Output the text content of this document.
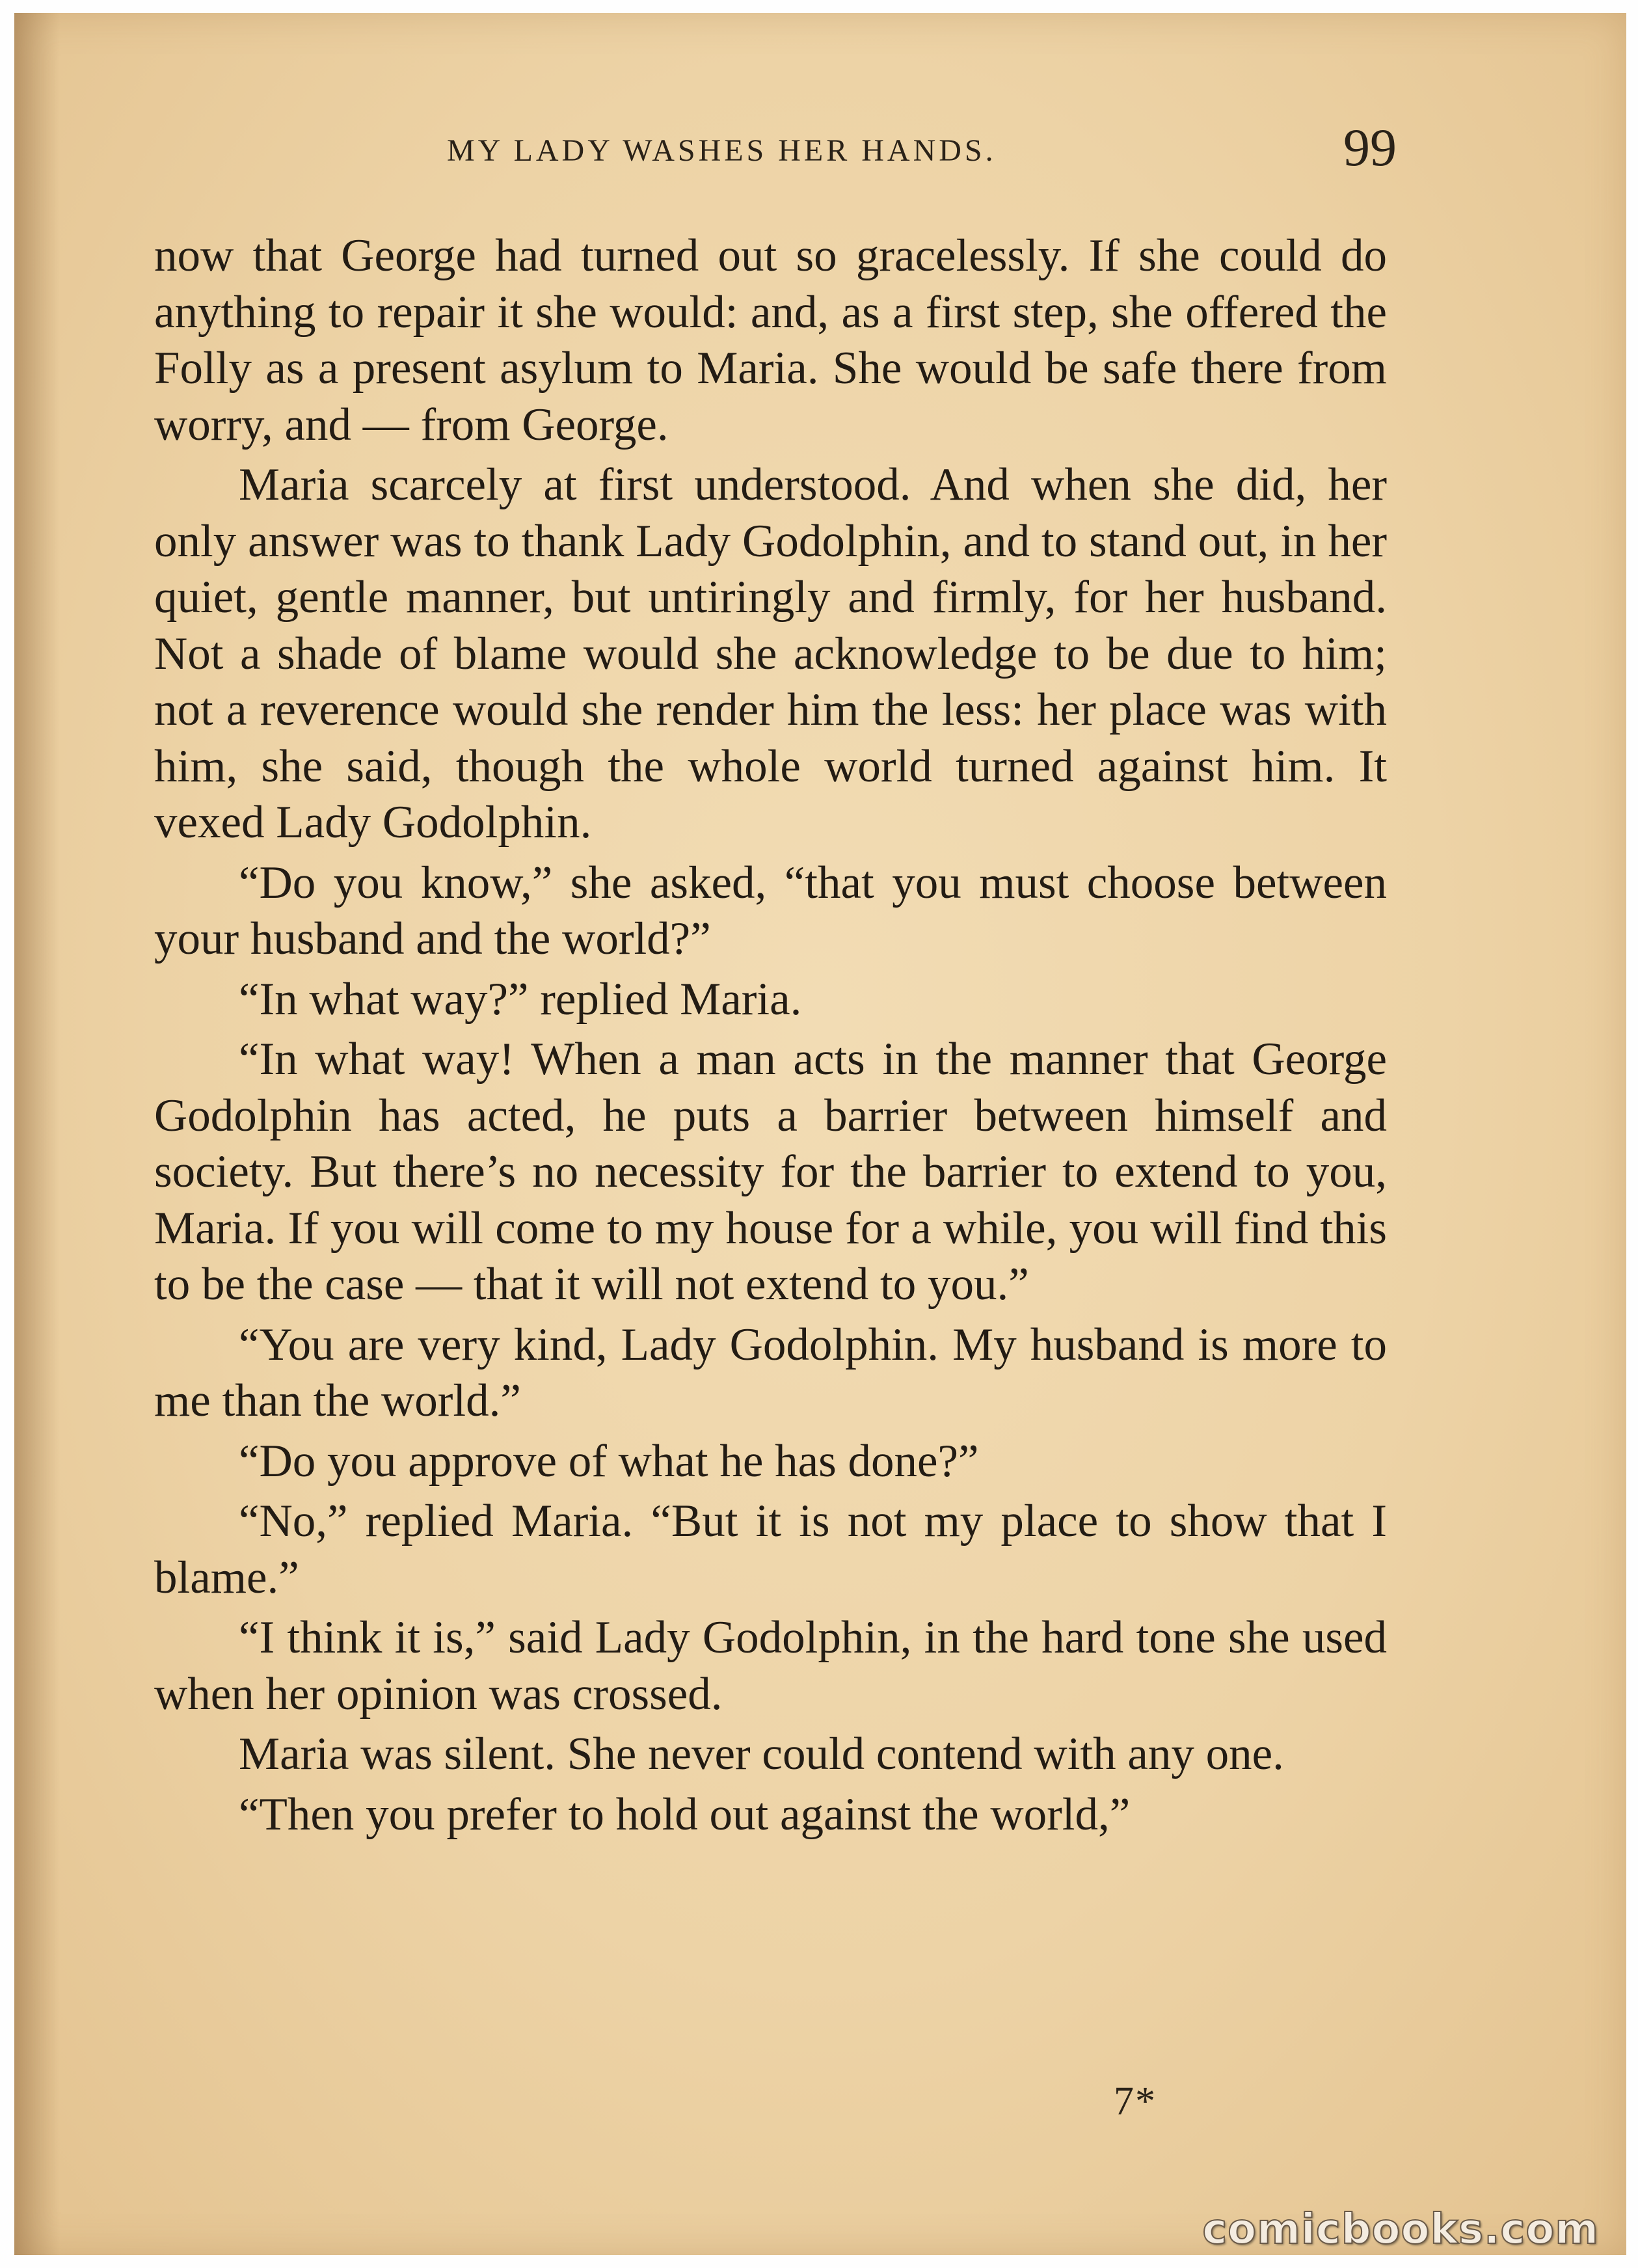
MY LADY WASHES HER HANDS.	99

now that George had turned out so gracelessly. If she could do anything to repair it she would: and, as a first step, she offered the Folly as a present asylum to Maria. She would be safe there from worry, and — from George.

Maria scarcely at first understood. And when she did, her only answer was to thank Lady Godolphin, and to stand out, in her quiet, gentle manner, but untiringly and firmly, for her husband. Not a shade of blame would she acknowledge to be due to him; not a reverence would she render him the less: her place was with him, she said, though the whole world turned against him. It vexed Lady Godolphin.

“Do you know,” she asked, “that you must choose between your husband and the world?”

“In what way?” replied Maria.

“In what way! When a man acts in the manner that George Godolphin has acted, he puts a barrier between himself and society. But there’s no necessity for the barrier to extend to you, Maria. If you will come to my house for a while, you will find this to be the case — that it will not extend to you.”

“You are very kind, Lady Godolphin. My husband is more to me than the world.”

“Do you approve of what he has done?”

“No,” replied Maria. “But it is not my place to show that I blame.”

“I think it is,” said Lady Godolphin, in the hard tone she used when her opinion was crossed.

Maria was silent. She never could contend with any one.

“Then you prefer to hold out against the world,”

7*
comicbooks.com
